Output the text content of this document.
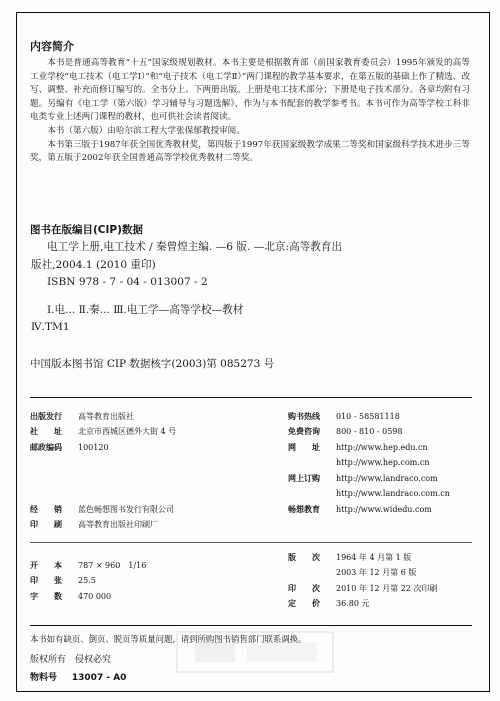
内容简介

本书是普通高等教育“十五”国家级规划教材。本书主要是根据教育部（前国家教育委员会）1995年颁发的高等工业学校“电工技术（电工学Ⅰ）”和“电子技术（电工学Ⅱ）”两门课程的教学基本要求，在第五版的基础上作了精选、改写、调整、补充而修订编写的。全书分上、下两册出版。上册是电工技术部分；下册是电子技术部分。各章均附有习题。另编有《电工学（第六版）学习辅导与习题选解》，作为与本书配套的教学参考书。本书可作为高等学校工科非电类专业上述两门课程的教材，也可供社会读者阅读。

本书（第六版）由哈尔滨工程大学张保郁教授审阅。

本书第三版于1987年获全国优秀教材奖，第四版于1997年获国家级教学成果二等奖和国家级科学技术进步三等奖，第五版于2002年获全国普通高等学校优秀教材二等奖。

图书在版编目(CIP)数据
电工学上册,电工技术 / 秦曾煌主编. —6 版. —北京:高等教育出
版社,2004.1 (2010 重印)
ISBN 978 - 7 - 04 - 013007 - 2
Ⅰ.电... Ⅱ.秦... Ⅲ.电工学—高等学校—教材
Ⅳ.TM1
中国版本图书馆 CIP 数据核字(2003)第 085273 号
出版发行	高等教育出版社
社　　址	北京市西城区德外大街 4 号
邮政编码	100120
购书热线	010 - 58581118
免费咨询	800 - 810 - 0598
网　　址	http://www.hep.edu.cn
http://www.hep.com.cn
网上订购	http://www.landraco.com
http://www.landraco.com.cn
畅想教育	http://www.widedu.com
经　　销	蓝色畅想图书发行有限公司
印　　刷	高等教育出版社印刷厂
开　　本	787 × 960　1/16
印　　张	25.5
字　　数	470 000
版　　次	1964 年 4 月第 1 版
2003 年 12 月第 6 版
印　　次	2010 年 12 月第 22 次印刷
定　　价	36.80 元
本书如有缺页、倒页、脱页等质量问题，请到所购图书销售部门联系调换。
版权所有　侵权必究
物料号 13007 - A0
